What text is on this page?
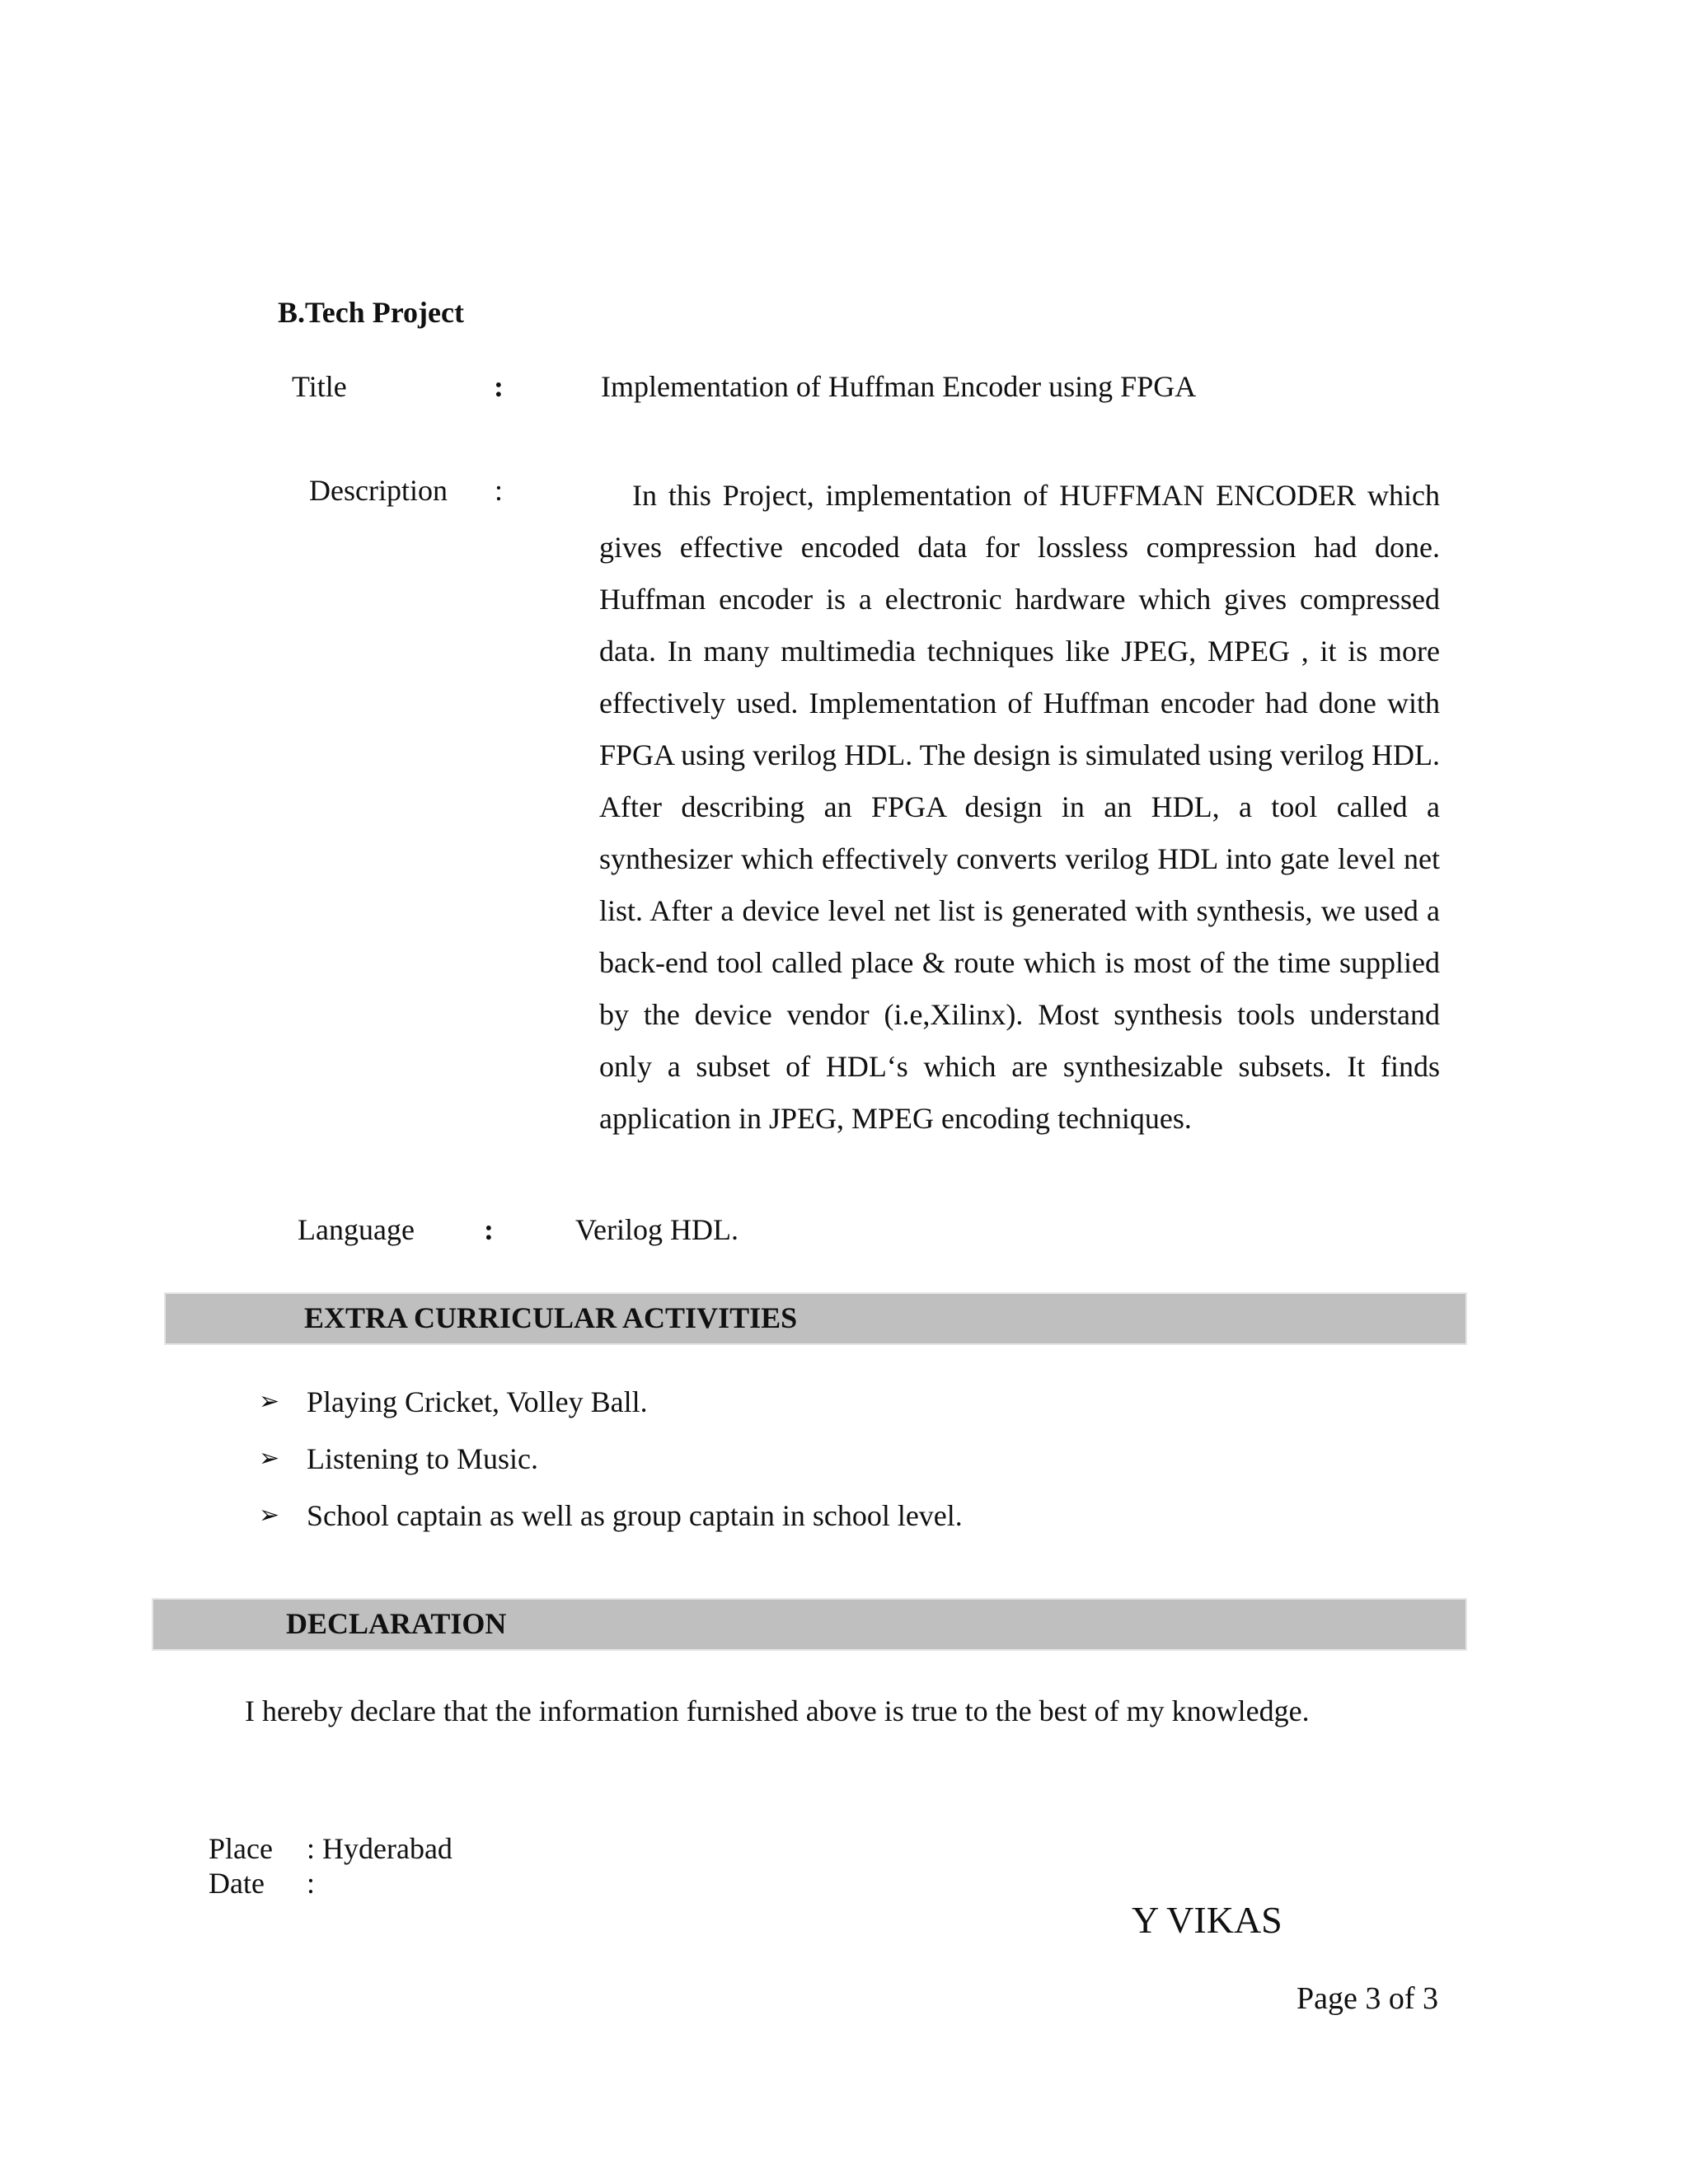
B.Tech Project
Title	:	Implementation of Huffman Encoder using FPGA
Description :	In this Project, implementation of HUFFMAN ENCODER which gives effective encoded data for lossless compression had done. Huffman encoder is a electronic hardware which gives compressed data. In many multimedia techniques like JPEG, MPEG , it is more effectively used. Implementation of Huffman encoder had done with FPGA using verilog HDL. The design is simulated using verilog HDL. After describing an FPGA design in an HDL, a tool called a synthesizer which effectively converts verilog HDL into gate level net list. After a device level net list is generated with synthesis, we used a back-end tool called place & route which is most of the time supplied by the device vendor (i.e,Xilinx). Most synthesis tools understand only a subset of HDL‘s which are synthesizable subsets. It finds application in JPEG, MPEG encoding techniques.
Language :	Verilog HDL.
EXTRA CURRICULAR ACTIVITIES
➢ Playing Cricket, Volley Ball.
➢ Listening to Music.
➢ School captain as well as group captain in school level.
DECLARATION
I hereby declare that the information furnished above is true to the best of my knowledge.
Place : Hyderabad
Date :
Y VIKAS
Page 3 of 3
